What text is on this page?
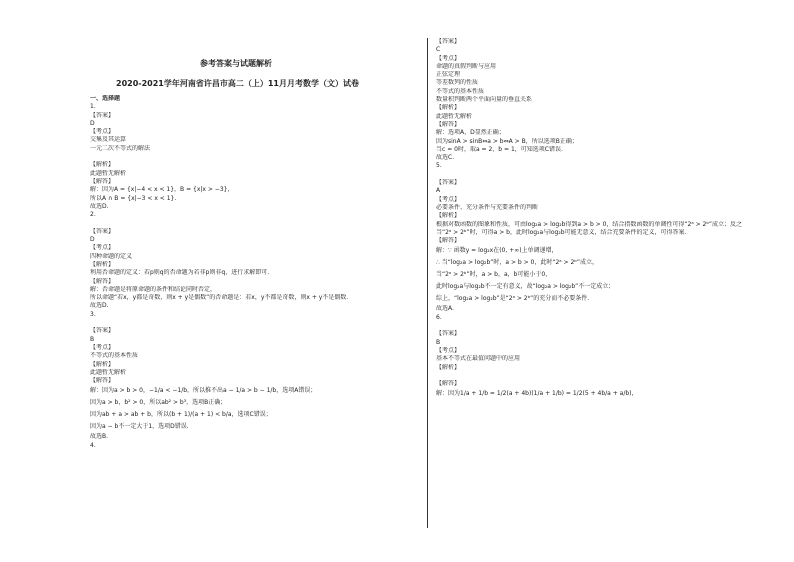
参考答案与试题解析
2020-2021学年河南省许昌市高二（上）11月月考数学（文）试卷
一、选择题
1.
【答案】
D
【考点】
交集及其运算
一元二次不等式的解法
【解析】
此题暂无解析
【解答】
解：因为A = {x|−4 < x < 1}，B = {x|x > −3}，
所以A ∩ B = {x|−3 < x < 1}.
故选D.
2.
【答案】
D
【考点】
四种命题的定义
【解析】
利用否命题的定义：若p则q的否命题为若非p则非q，进行求解即可.
【解答】
解：否命题是将原命题的条件和结论同时否定，
所以命题“若x，y都是奇数，则x + y是偶数”的否命题是：若x，y不都是奇数，则x + y不是偶数.
故选D.
3.
【答案】
B
【考点】
不等式的基本性质
【解析】
此题暂无解析
【解答】
解：因为a > b > 0，−1/a < −1/b，所以推不出a − 1/a > b − 1/b，选项A错误；
因为a > b，b² > 0，所以ab² > b³，选项B正确；
因为ab + a > ab + b，所以(b + 1)/(a + 1) < b/a，选项C错误；
因为a − b不一定大于1，选项D错误.
故选B.
4.
【答案】
C
【考点】
命题的真假判断与应用
正弦定理
等差数列的性质
不等式的基本性质
数量积判断两个平面向量的垂直关系
【解析】
此题暂无解析
【解答】
解：选项A，D显然正确；
因为sinA > sinB⇔a > b⇔A > B，所以选项B正确；
当c = 0时，取a = 2，b = 1，可知选项C错误.
故选C.
5.
【答案】
A
【考点】
必要条件、充分条件与充要条件的判断
【解析】
根据对数函数的图象和性质，可由log₂a > log₂b得到a > b > 0，结合指数函数的单调性可得“2ᵃ > 2ᵇ”成立；反之
当“2ᵃ > 2ᵇ”时，可得a > b，此时log₂a与log₂b可能无意义，结合充要条件的定义，可得答案.
【解答】
解：∵ 函数y = log₂x在(0, +∞)上单调递增，
∴ 当“log₂a > log₂b”时，a > b > 0，此时“2ᵃ > 2ᵇ”成立，
当“2ᵃ > 2ᵇ”时，a > b，a，b可能小于0，
此时log₂a与log₂b不一定有意义，故“log₂a > log₂b”不一定成立；
综上，“log₂a > log₂b”是“2ᵃ > 2ᵇ”的充分而不必要条件.
故选A.
6.
【答案】
B
【考点】
基本不等式在最值问题中的应用
【解析】
【解答】
解：因为1/a + 1/b = 1/2(a + 4b)(1/a + 1/b) = 1/2(5 + 4b/a + a/b)，
